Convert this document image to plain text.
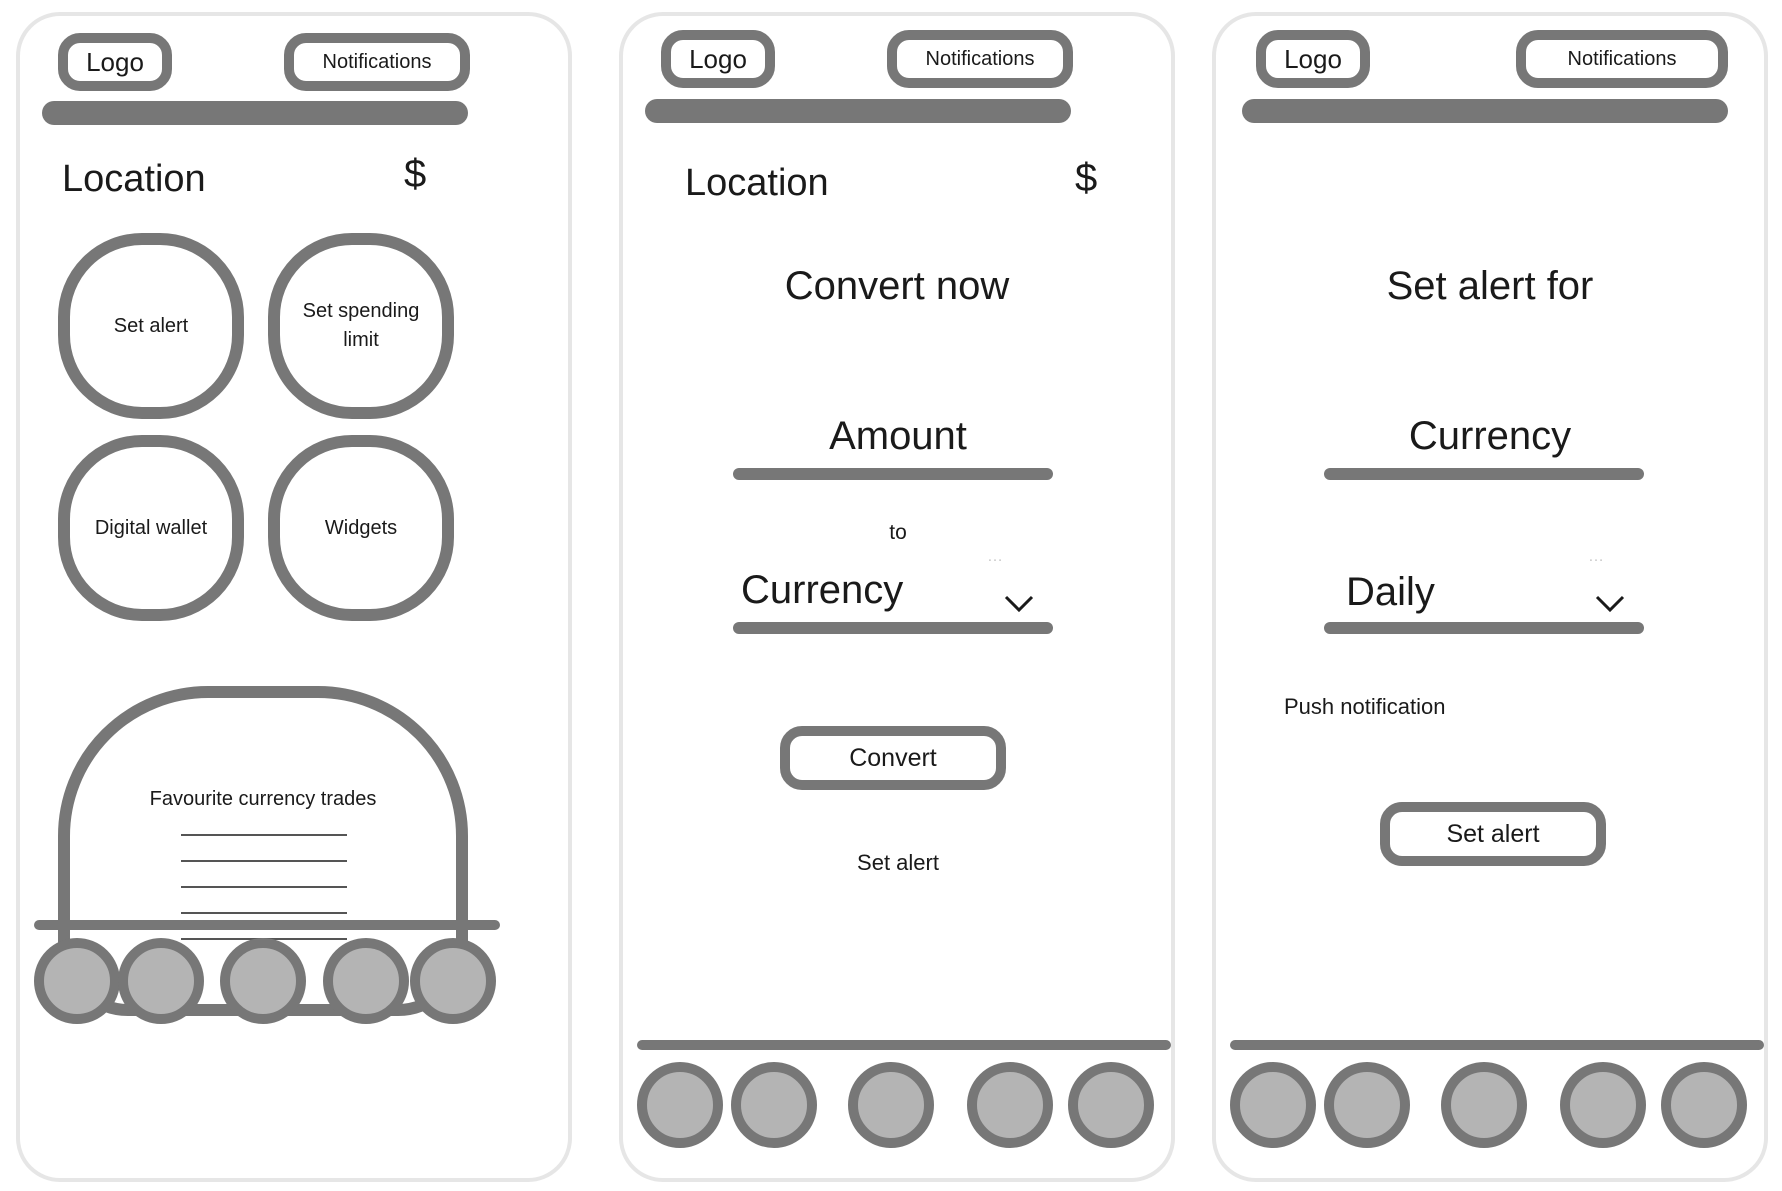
Logo	Notifications
Location	$
Set alert
Set spending limit
Digital wallet	Widgets
Favourite currency trades
Logo	Notifications
Location	$
Convert now
Amount
to
…
Currency
Convert
Set alert
Logo	Notifications
Set alert for
Currency
…
Daily
Push notification
Set alert
